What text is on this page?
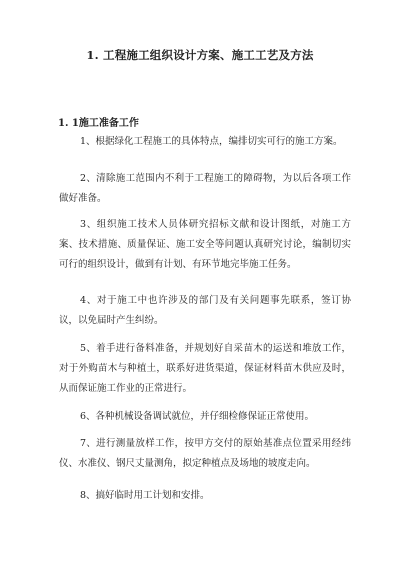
1. 工程施工组织设计方案、施工工艺及方法
1. 1施工准备工作
1、根据绿化工程施工的具体特点，编排切实可行的施工方案。
2、清除施工范围内不利于工程施工的障碍物，为以后各项工作做好准备。
3、组织施工技术人员体研究招标文献和设计图纸，对施工方案、技术措施、质量保证、施工安全等问题认真研究讨论，编制切实可行的组织设计，做到有计划、有环节地完毕施工任务。
4、对于施工中也许涉及的部门及有关问题事先联系，签订协议，以免届时产生纠纷。
5、着手进行备料准备，并规划好自采苗木的运送和堆放工作，对于外购苗木与种植土，联系好进货渠道，保证材料苗木供应及时，从而保证施工作业的正常进行。
6、各种机械设备调试就位，并仔细检修保证正常使用。
7、进行测量放样工作，按甲方交付的原始基准点位置采用经纬仪、水准仪、钢尺丈量测角，拟定种植点及场地的坡度走向。
8、搞好临时用工计划和安排。
